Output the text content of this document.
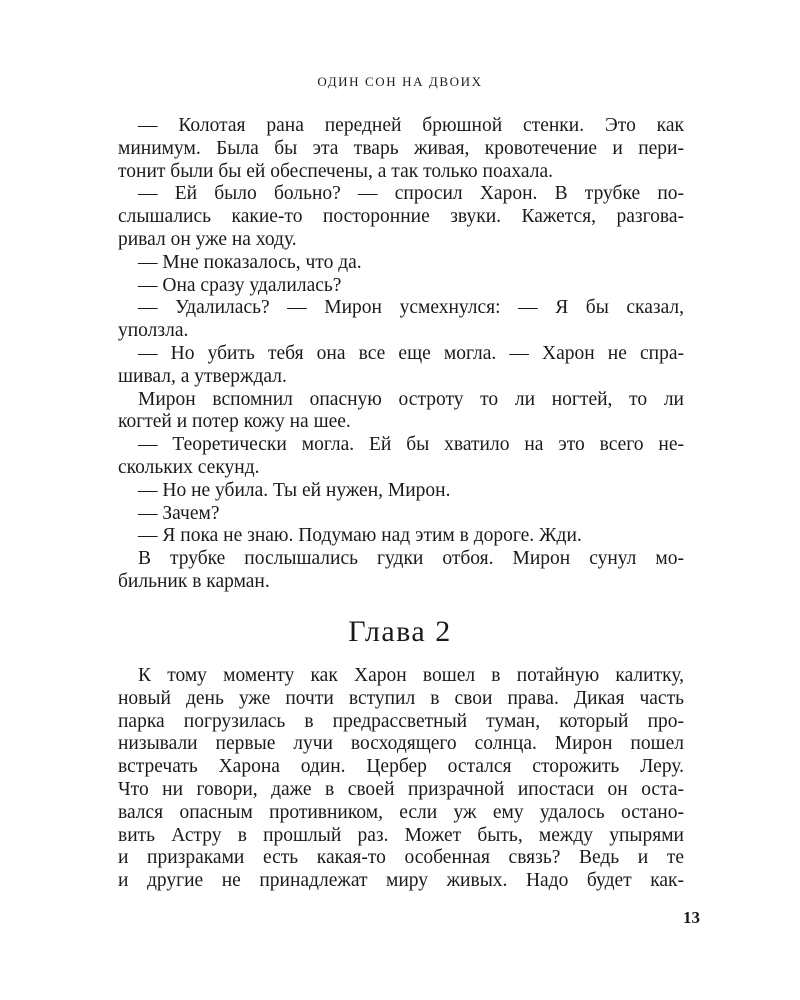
ОДИН СОН НА ДВОИХ
— Колотая рана передней брюшной стенки. Это как
минимум. Была бы эта тварь живая, кровотечение и пери-
тонит были бы ей обеспечены, а так только поахала.
— Ей было больно? — спросил Харон. В трубке по-
слышались какие-то посторонние звуки. Кажется, разгова-
ривал он уже на ходу.
— Мне показалось, что да.
— Она сразу удалилась?
— Удалилась? — Мирон усмехнулся: — Я бы сказал,
уползла.
— Но убить тебя она все еще могла. — Харон не спра-
шивал, а утверждал.
Мирон вспомнил опасную остроту то ли ногтей, то ли
когтей и потер кожу на шее.
— Теоретически могла. Ей бы хватило на это всего не-
скольких секунд.
— Но не убила. Ты ей нужен, Мирон.
— Зачем?
— Я пока не знаю. Подумаю над этим в дороге. Жди.
В трубке послышались гудки отбоя. Мирон сунул мо-
бильник в карман.
Глава 2
К тому моменту как Харон вошел в потайную калитку,
новый день уже почти вступил в свои права. Дикая часть
парка погрузилась в предрассветный туман, который про-
низывали первые лучи восходящего солнца. Мирон пошел
встречать Харона один. Цербер остался сторожить Леру.
Что ни говори, даже в своей призрачной ипостаси он оста-
вался опасным противником, если уж ему удалось остано-
вить Астру в прошлый раз. Может быть, между упырями
и призраками есть какая-то особенная связь? Ведь и те
и другие не принадлежат миру живых. Надо будет как-
13
